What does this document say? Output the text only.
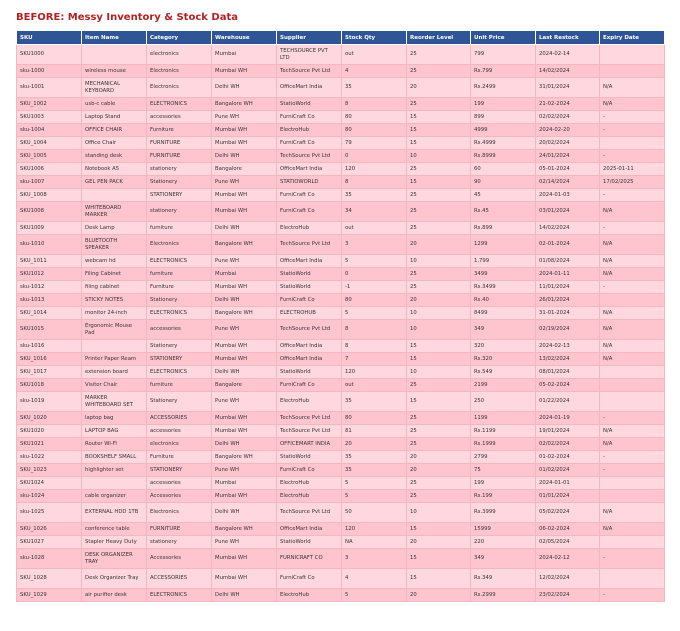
BEFORE: Messy Inventory & Stock Data
SKU	Item Name	Category	Warehouse	Supplier	Stock Qty	Reorder Level	Unit Price	Last Restock	Expiry Date
SKU1000		electronics	Mumbai	TECHSOURCE PVT LTD	out	25	799	2024-02-14	
sku-1000	wireless mouse	Electronics	Mumbai WH	TechSource Pvt Ltd	4	25	Rs.799	14/02/2024	
sku-1001	MECHANICAL KEYBOARD	Electronics	Delhi WH	OfficeMart India	35	20	Rs.2499	31/01/2024	N/A
SKU_1002	usb-c cable	ELECTRONICS	Bangalore WH	StatioWorld	8	25	199	21-02-2024	N/A
SKU1003	Laptop Stand	accessories	Pune WH	FurniCraft Co	80	15	899	02/02/2024	-
sku-1004	OFFICE CHAIR	Furniture	Mumbai WH	ElectroHub	80	15	4999	2024-02-20	-
SKU_1004	Office Chair	FURNITURE	Mumbai WH	FurniCraft Co	79	15	Rs.4999	20/02/2024	
SKU_1005	standing desk	FURNITURE	Delhi WH	TechSource Pvt Ltd	0	10	Rs.8999	24/01/2024	-
SKU1006	Notebook A5	stationery	Bangalore	OfficeMart India	120	25	60	05-01-2024	2025-01-11
sku-1007	GEL PEN PACK	Stationery	Pune WH	STATIOWORLD	8	15	90	02/14/2024	17/02/2025
SKU_1008		STATIONERY	Mumbai WH	FurniCraft Co	35	25	45	2024-01-03	-
SKU1008	WHITEBOARD MARKER	stationery	Mumbai WH	FurniCraft Co	34	25	Rs.45	03/01/2024	N/A
SKU1009	Desk Lamp	furniture	Delhi WH	ElectroHub	out	25	Rs.899	14/02/2024	-
sku-1010	BLUETOOTH SPEAKER	Electronics	Bangalore WH	TechSource Pvt Ltd	3	20	1299	02-01-2024	N/A
SKU_1011	webcam hd	ELECTRONICS	Pune WH	OfficeMart India	5	10	1,799	01/08/2024	N/A
SKU1012	Filing Cabinet	furniture	Mumbai	StatioWorld	0	25	3499	2024-01-11	N/A
sku-1012	filing cabinet	Furniture	Mumbai WH	StatioWorld	-1	25	Rs.3499	11/01/2024	-
sku-1013	STICKY NOTES	Stationery	Delhi WH	FurniCraft Co	80	20	Rs.40	26/01/2024	
SKU_1014	monitor 24-inch	ELECTRONICS	Bangalore WH	ELECTROHUB	5	10	8499	31-01-2024	N/A
SKU1015	Ergonomic Mouse Pad	accessories	Pune WH	TechSource Pvt Ltd	8	10	349	02/19/2024	N/A
sku-1016		Stationery	Mumbai WH	OfficeMart India	8	15	320	2024-02-13	N/A
SKU_1016	Printer Paper Ream	STATIONERY	Mumbai WH	OfficeMart India	7	15	Rs.320	13/02/2024	N/A
SKU_1017	extension board	ELECTRONICS	Delhi WH	StatioWorld	120	10	Rs.549	08/01/2024	
SKU1018	Visitor Chair	furniture	Bangalore	FurniCraft Co	out	25	2199	05-02-2024	
sku-1019	MARKER WHITEBOARD SET	Stationery	Pune WH	ElectroHub	35	15	250	01/22/2024	
SKU_1020	laptop bag	ACCESSORIES	Mumbai WH	TechSource Pvt Ltd	80	25	1199	2024-01-19	-
SKU1020	LAPTOP BAG	accessories	Mumbai WH	TechSource Pvt Ltd	81	25	Rs.1199	19/01/2024	N/A
SKU1021	Router Wi-Fi	electronics	Delhi WH	OFFICEMART INDIA	20	25	Rs.1999	02/02/2024	N/A
sku-1022	BOOKSHELF SMALL	Furniture	Bangalore WH	StatioWorld	35	20	2799	01-02-2024	-
SKU_1023	highlighter set	STATIONERY	Pune WH	FurniCraft Co	35	20	75	01/02/2024	-
SKU1024		accessories	Mumbai	ElectroHub	5	25	199	2024-01-01	
sku-1024	cable organizer	Accessories	Mumbai WH	ElectroHub	5	25	Rs.199	01/01/2024	
sku-1025	EXTERNAL HDD 1TB	Electronics	Delhi WH	TechSource Pvt Ltd	50	10	Rs.3999	05/02/2024	N/A
SKU_1026	conference table	FURNITURE	Bangalore WH	OfficeMart India	120	15	15999	06-02-2024	N/A
SKU1027	Stapler Heavy Duty	stationery	Pune WH	StatioWorld	NA	20	220	02/05/2024	
sku-1028	DESK ORGANIZER TRAY	Accessories	Mumbai WH	FURNICRAFT CO	3	15	349	2024-02-12	-
SKU_1028	Desk Organizer Tray	ACCESSORIES	Mumbai WH	FurniCraft Co	4	15	Rs.349	12/02/2024	
SKU_1029	air purifier desk	ELECTRONICS	Delhi WH	ElectroHub	5	20	Rs.2999	23/02/2024	-
